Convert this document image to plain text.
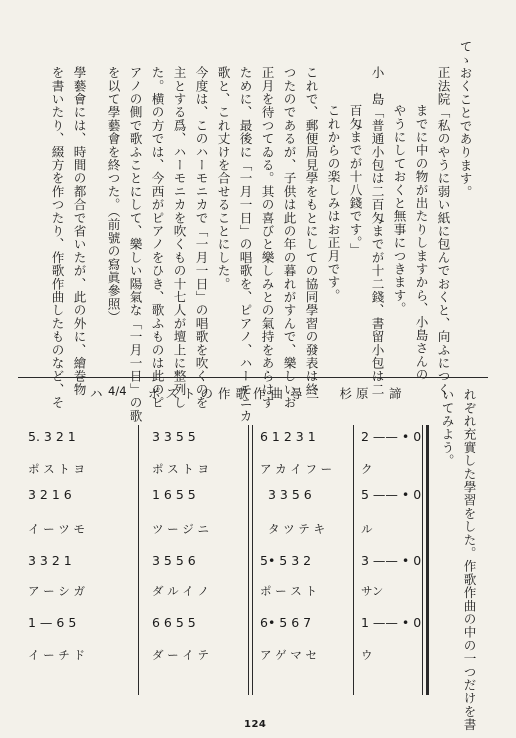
てゝおくことであります。
正法院「私のやうに弱い紙に包んでおくと、向ふにつく
までに中の物が出たりしますから、小島さんの
やうにしておくと無事につきます。
小　島「普通小包は二百匁までが十二錢、書留小包は二
百匁までが十八錢です。」
これからの楽しみはお正月です。
これで、郵便局見學をもとにしての協同學習の發表は終
つたのであるが、子供は此の年の暮れがすんで、樂しいお
正月を待つてゐる。其の喜びと樂しみとの氣持をあらはす
ために、最後に「一月一日」の唱歌を、ピアノ、ハーモニカ
歌と、これ丈けを合せることにした。
今度は、このハーモニカで「一月一日」の唱歌を吹くのを
主とする爲、ハーモニカを吹くもの十七人が壇上に整列し
た。横の方では、今西がピアノをひき、歌ふものは此のピ
アノの側で歌ふことにして、樂しい陽氣な「一月一日」の歌
を以て學藝會を終つた。（前號の寫眞參照）
學藝會には、時間の都合で省いたが、此の外に、繪巻物
を書いたり、綴方を作つたり、作歌作曲したものなど、そ
れぞれ充實した學習をした。作歌作曲の中の一つだけを書
いてみよう。
ハ 4/4 ポストの作歌作曲 尋三　杉原　諦
5. 3 2 1	3 3 5 5	6 1 2 3 1	2 —— • 0
ポ ス ト ヨ	ポ ス ト ヨ	ア カ イ フ ー	ク
3 2 1 6	1 6 5 5	3 3 5 6	5 —— • 0
イ ー ツ モ	ツ ー ジ ニ	タ ツ テ キ	ル
3 3 2 1	3 5 5 6	5• 5 3 2	3 —— • 0
ア ー シ ガ	ダ ル イ ノ	ポ ー ス ト	サン
1 — 6 5	6 6 5 5	6• 5 6 7	1 —— • 0
イ ー チ ド	ダ ー イ テ	ア ゲ マ セ	ウ
124
